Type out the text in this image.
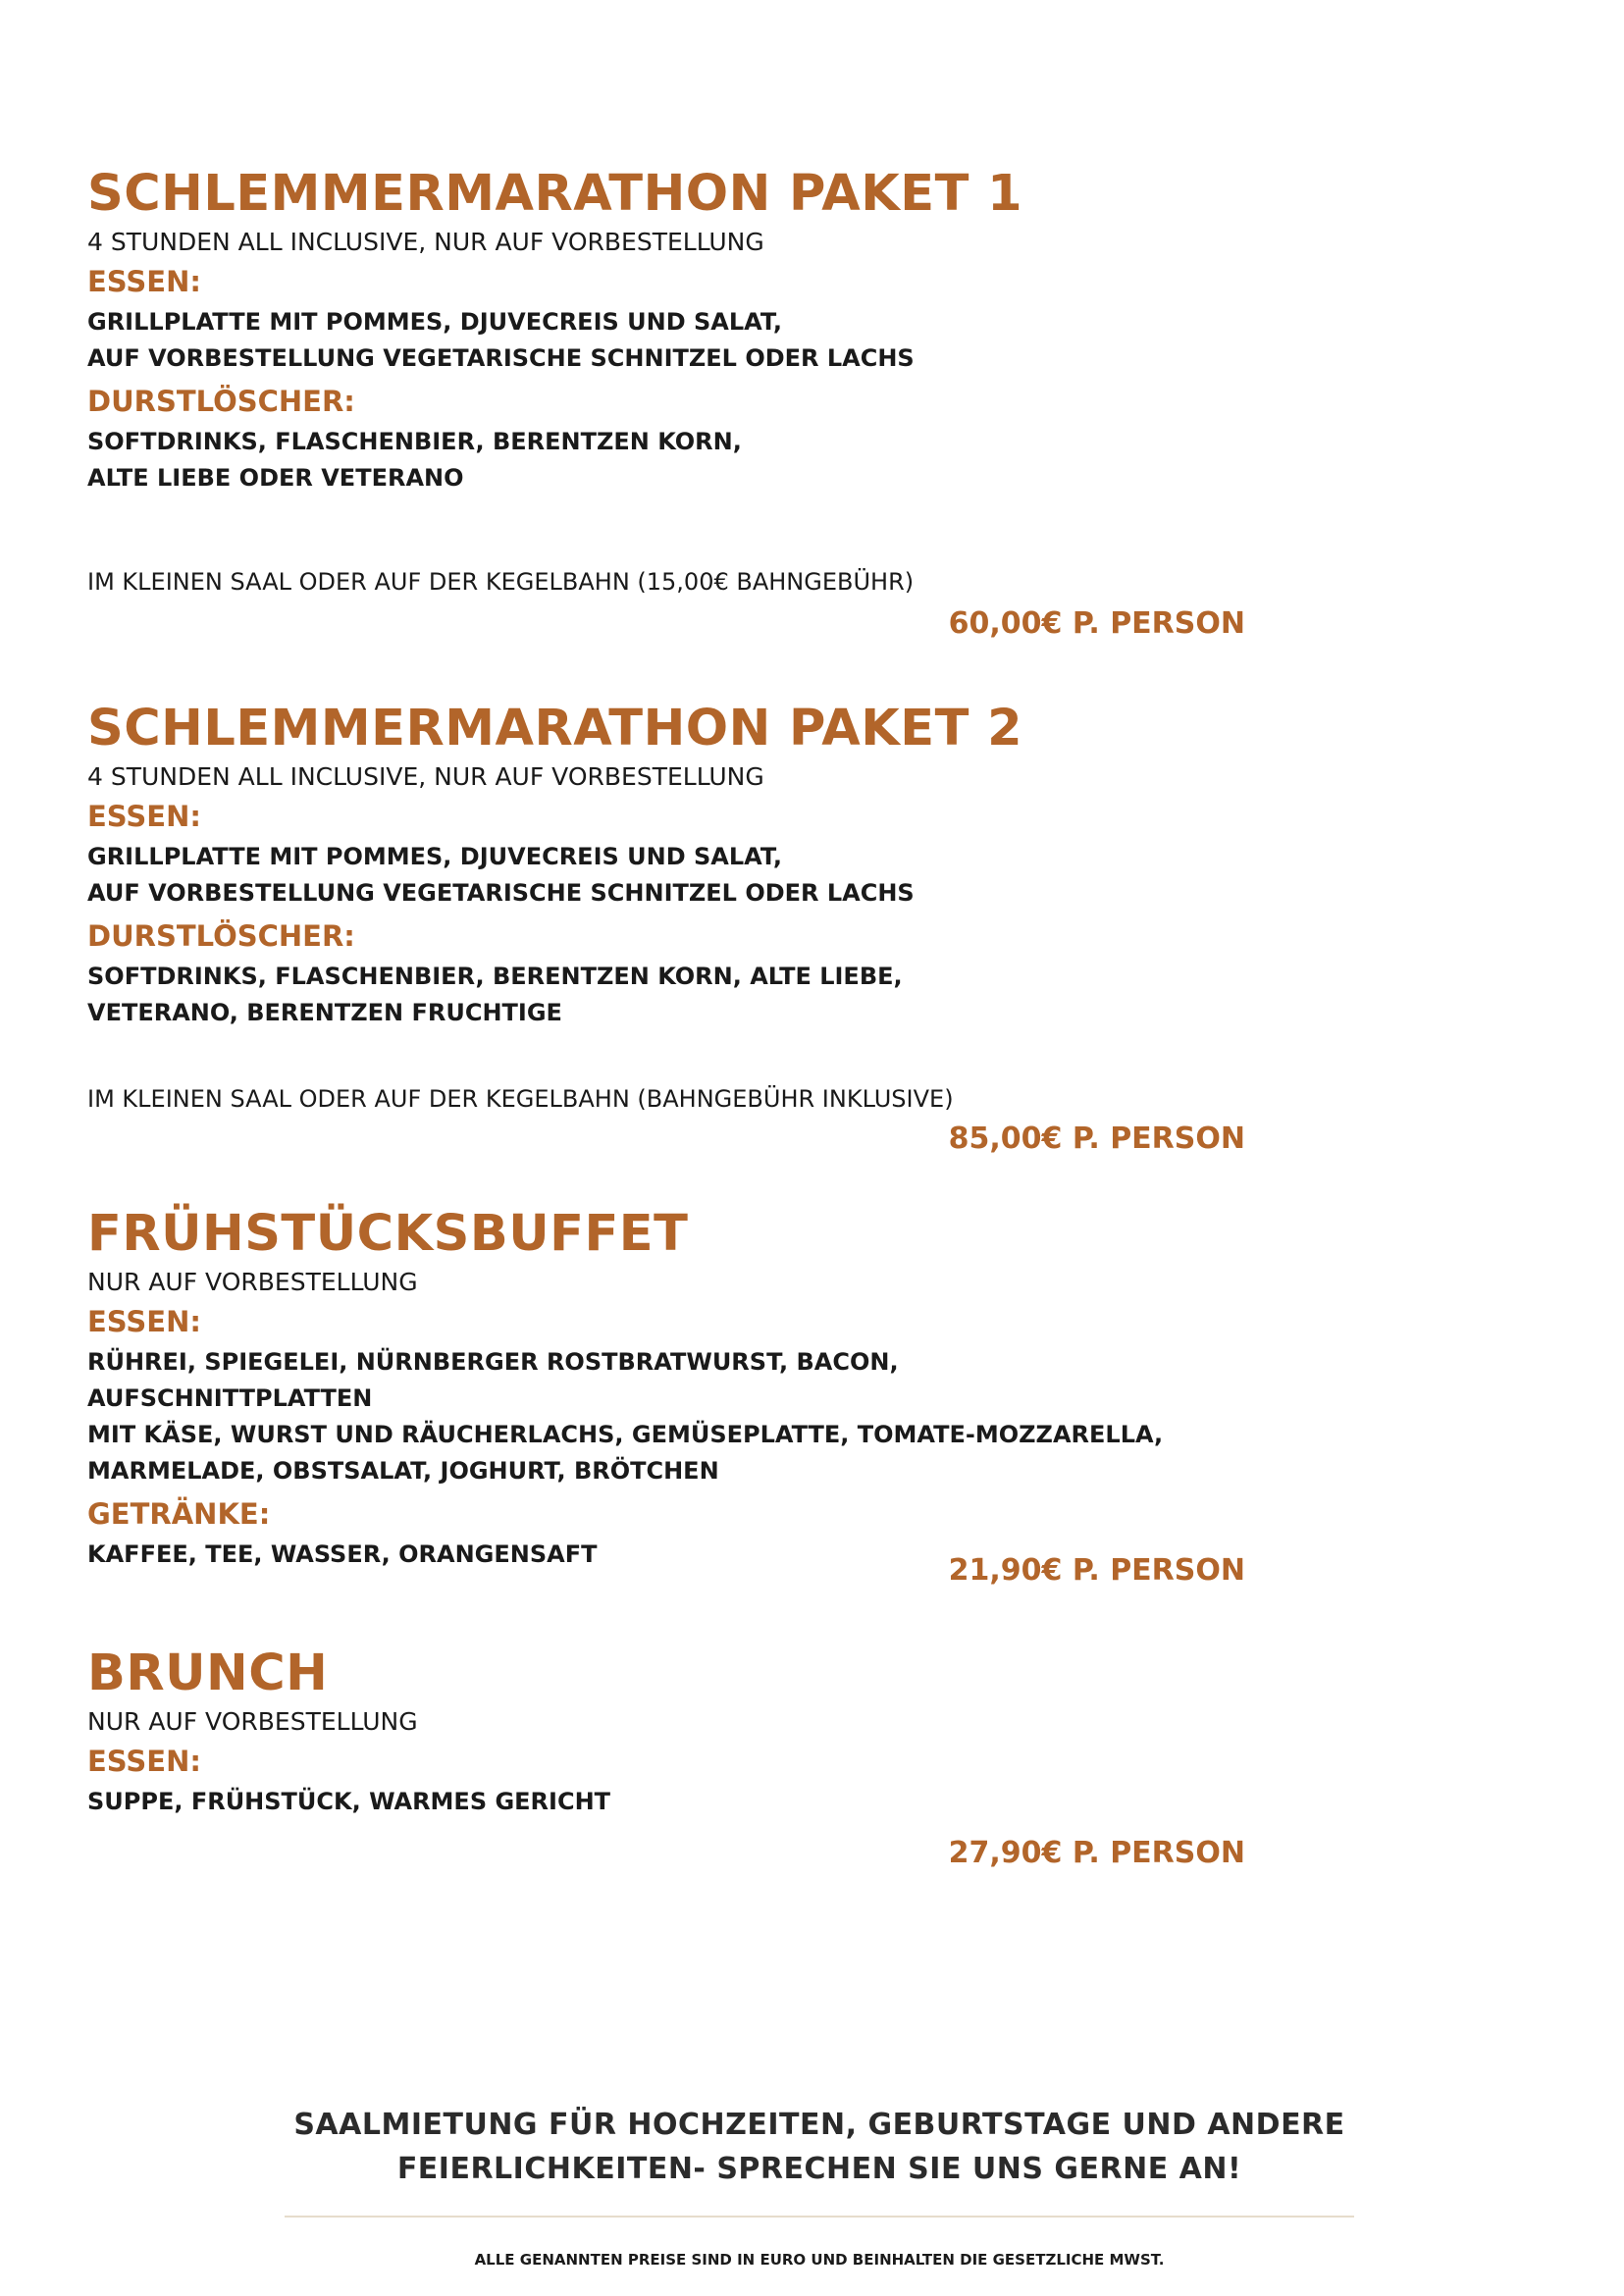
SCHLEMMERMARATHON PAKET 1
4 STUNDEN ALL INCLUSIVE, NUR AUF VORBESTELLUNG
ESSEN:
GRILLPLATTE MIT POMMES, DJUVECREIS UND SALAT,
AUF VORBESTELLUNG VEGETARISCHE SCHNITZEL ODER LACHS
DURSTLÖSCHER:
SOFTDRINKS, FLASCHENBIER, BERENTZEN KORN,
ALTE LIEBE ODER VETERANO
IM KLEINEN SAAL ODER AUF DER KEGELBAHN (15,00€ BAHNGEBÜHR)
60,00€ P. PERSON
SCHLEMMERMARATHON PAKET 2
4 STUNDEN ALL INCLUSIVE, NUR AUF VORBESTELLUNG
ESSEN:
GRILLPLATTE MIT POMMES, DJUVECREIS UND SALAT,
AUF VORBESTELLUNG VEGETARISCHE SCHNITZEL ODER LACHS
DURSTLÖSCHER:
SOFTDRINKS, FLASCHENBIER, BERENTZEN KORN, ALTE LIEBE,
VETERANO, BERENTZEN FRUCHTIGE
IM KLEINEN SAAL ODER AUF DER KEGELBAHN (BAHNGEBÜHR INKLUSIVE)
85,00€ P. PERSON
FRÜHSTÜCKSBUFFET
NUR AUF VORBESTELLUNG
ESSEN:
RÜHREI, SPIEGELEI, NÜRNBERGER ROSTBRATWURST, BACON, AUFSCHNITTPLATTEN
MIT KÄSE, WURST UND RÄUCHERLACHS, GEMÜSEPLATTE, TOMATE-MOZZARELLA,
MARMELADE, OBSTSALAT, JOGHURT, BRÖTCHEN
GETRÄNKE:
KAFFEE, TEE, WASSER, ORANGENSAFT	21,90€ P. PERSON
BRUNCH
NUR AUF VORBESTELLUNG
ESSEN:
SUPPE, FRÜHSTÜCK, WARMES GERICHT
27,90€ P. PERSON
SAALMIETUNG FÜR HOCHZEITEN, GEBURTSTAGE UND ANDERE
FEIERLICHKEITEN- SPRECHEN SIE UNS GERNE AN!
ALLE GENANNTEN PREISE SIND IN EURO UND BEINHALTEN DIE GESETZLICHE MWST.
